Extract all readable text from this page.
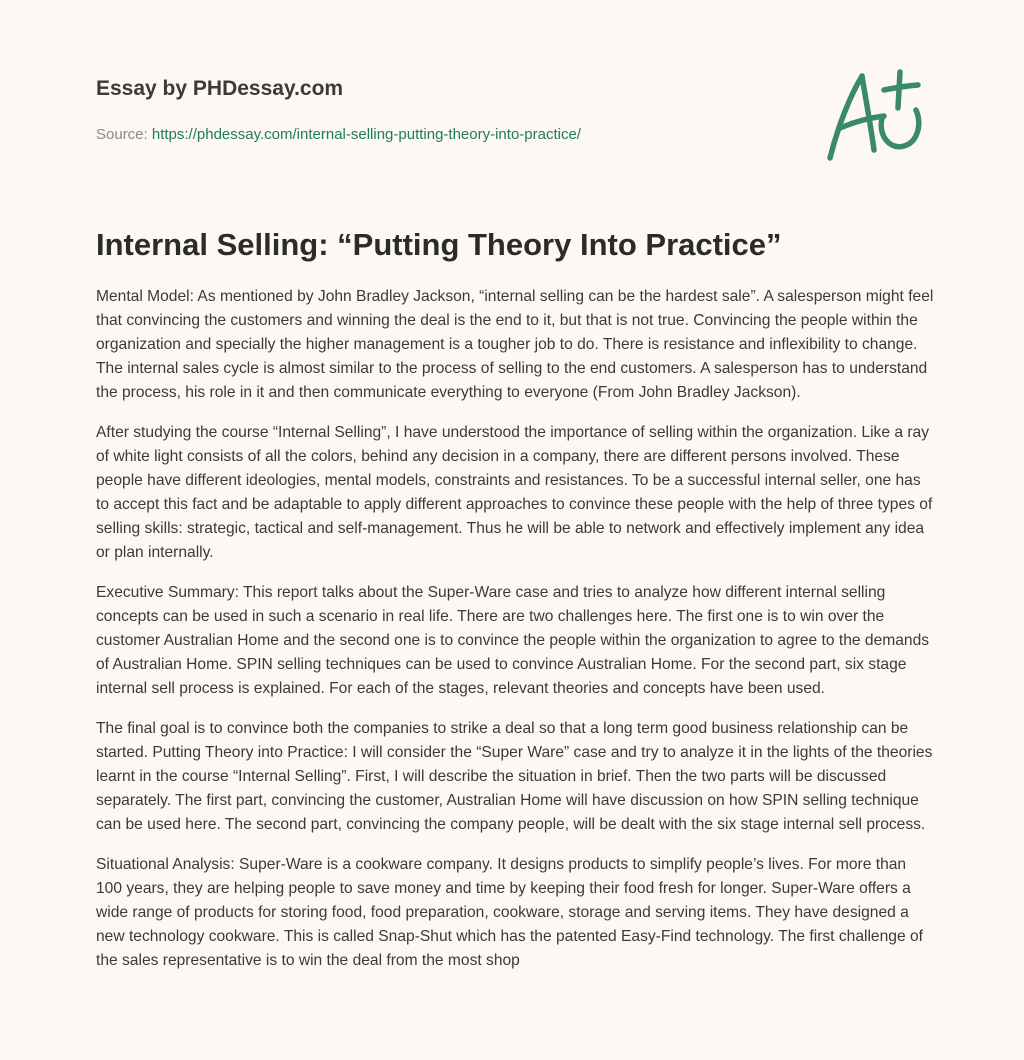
Essay by PHDessay.com
Source: https://phdessay.com/internal-selling-putting-theory-into-practice/
Internal Selling: “Putting Theory Into Practice”

Mental Model: As mentioned by John Bradley Jackson, “internal selling can be the hardest sale”. A salesperson might feel that convincing the customers and winning the deal is the end to it, but that is not true. Convincing the people within the organization and specially the higher management is a tougher job to do. There is resistance and inflexibility to change. The internal sales cycle is almost similar to the process of selling to the end customers. A salesperson has to understand the process, his role in it and then communicate everything to everyone (From John Bradley Jackson).

After studying the course “Internal Selling”, I have understood the importance of selling within the organization. Like a ray of white light consists of all the colors, behind any decision in a company, there are different persons involved. These people have different ideologies, mental models, constraints and resistances. To be a successful internal seller, one has to accept this fact and be adaptable to apply different approaches to convince these people with the help of three types of selling skills: strategic, tactical and self-management. Thus he will be able to network and effectively implement any idea or plan internally.

Executive Summary: This report talks about the Super-Ware case and tries to analyze how different internal selling concepts can be used in such a scenario in real life. There are two challenges here. The first one is to win over the customer Australian Home and the second one is to convince the people within the organization to agree to the demands of Australian Home. SPIN selling techniques can be used to convince Australian Home. For the second part, six stage internal sell process is explained. For each of the stages, relevant theories and concepts have been used.

The final goal is to convince both the companies to strike a deal so that a long term good business relationship can be started. Putting Theory into Practice: I will consider the “Super Ware” case and try to analyze it in the lights of the theories learnt in the course “Internal Selling”. First, I will describe the situation in brief. Then the two parts will be discussed separately. The first part, convincing the customer, Australian Home will have discussion on how SPIN selling technique can be used here. The second part, convincing the company people, will be dealt with the six stage internal sell process.

Situational Analysis: Super-Ware is a cookware company. It designs products to simplify people’s lives. For more than 100 years, they are helping people to save money and time by keeping their food fresh for longer. Super-Ware offers a wide range of products for storing food, food preparation, cookware, storage and serving items. They have designed a new technology cookware. This is called Snap-Shut which has the patented Easy-Find technology. The first challenge of the sales representative is to win the deal from the most shop
